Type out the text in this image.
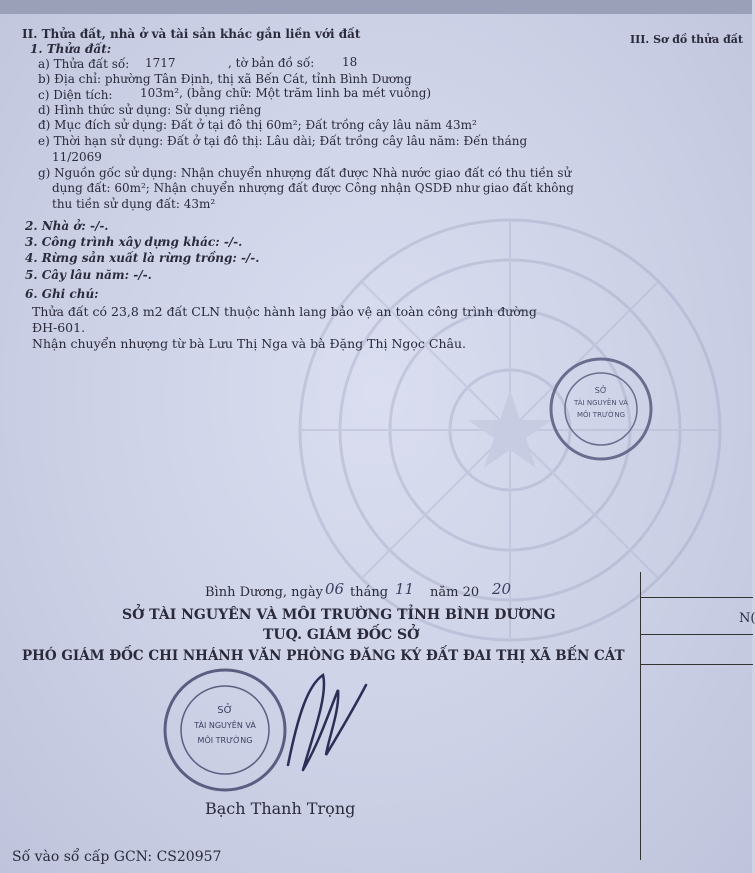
II. Thửa đất, nhà ở và tài sản khác gắn liền với đất
1. Thửa đất:
a) Thửa đất số: 1717	, tờ bản đồ số: 18
b) Địa chỉ: phường Tân Định, thị xã Bến Cát, tỉnh Bình Dương
c) Diện tích: 103m², (bằng chữ: Một trăm linh ba mét vuông)
d) Hình thức sử dụng: Sử dụng riêng
đ) Mục đích sử dụng: Đất ở tại đô thị 60m²; Đất trồng cây lâu năm 43m²
e) Thời hạn sử dụng: Đất ở tại đô thị: Lâu dài; Đất trồng cây lâu năm: Đến tháng
11/2069
g) Nguồn gốc sử dụng: Nhận chuyển nhượng đất được Nhà nước giao đất có thu tiền sử
dụng đất: 60m²; Nhận chuyển nhượng đất được Công nhận QSDĐ như giao đất không
thu tiền sử dụng đất: 43m²
2. Nhà ở: -/-.
3. Công trình xây dựng khác: -/-.
4. Rừng sản xuất là rừng trồng: -/-.
5. Cây lâu năm: -/-.
6. Ghi chú:
Thửa đất có 23,8 m2 đất CLN thuộc hành lang bảo vệ an toàn công trình đường
ĐH-601.
Nhận chuyển nhượng từ bà Lưu Thị Nga và bà Đặng Thị Ngọc Châu.
III. Sơ đồ thửa đất
SỞ
TÀI NGUYÊN VÀ
MÔI TRƯỜNG
Bình Dương, ngày 06 tháng 11 năm 20 20
SỞ TÀI NGUYÊN VÀ MÔI TRƯỜNG TỈNH BÌNH DƯƠNG
TUQ. GIÁM ĐỐC SỞ
PHÓ GIÁM ĐỐC CHI NHÁNH VĂN PHÒNG ĐĂNG KÝ ĐẤT ĐAI THỊ XÃ BẾN CÁT
SỞ
TÀI NGUYÊN VÀ
MÔI TRƯỜNG
Bạch Thanh Trọng
N(
Số vào sổ cấp GCN: CS20957
